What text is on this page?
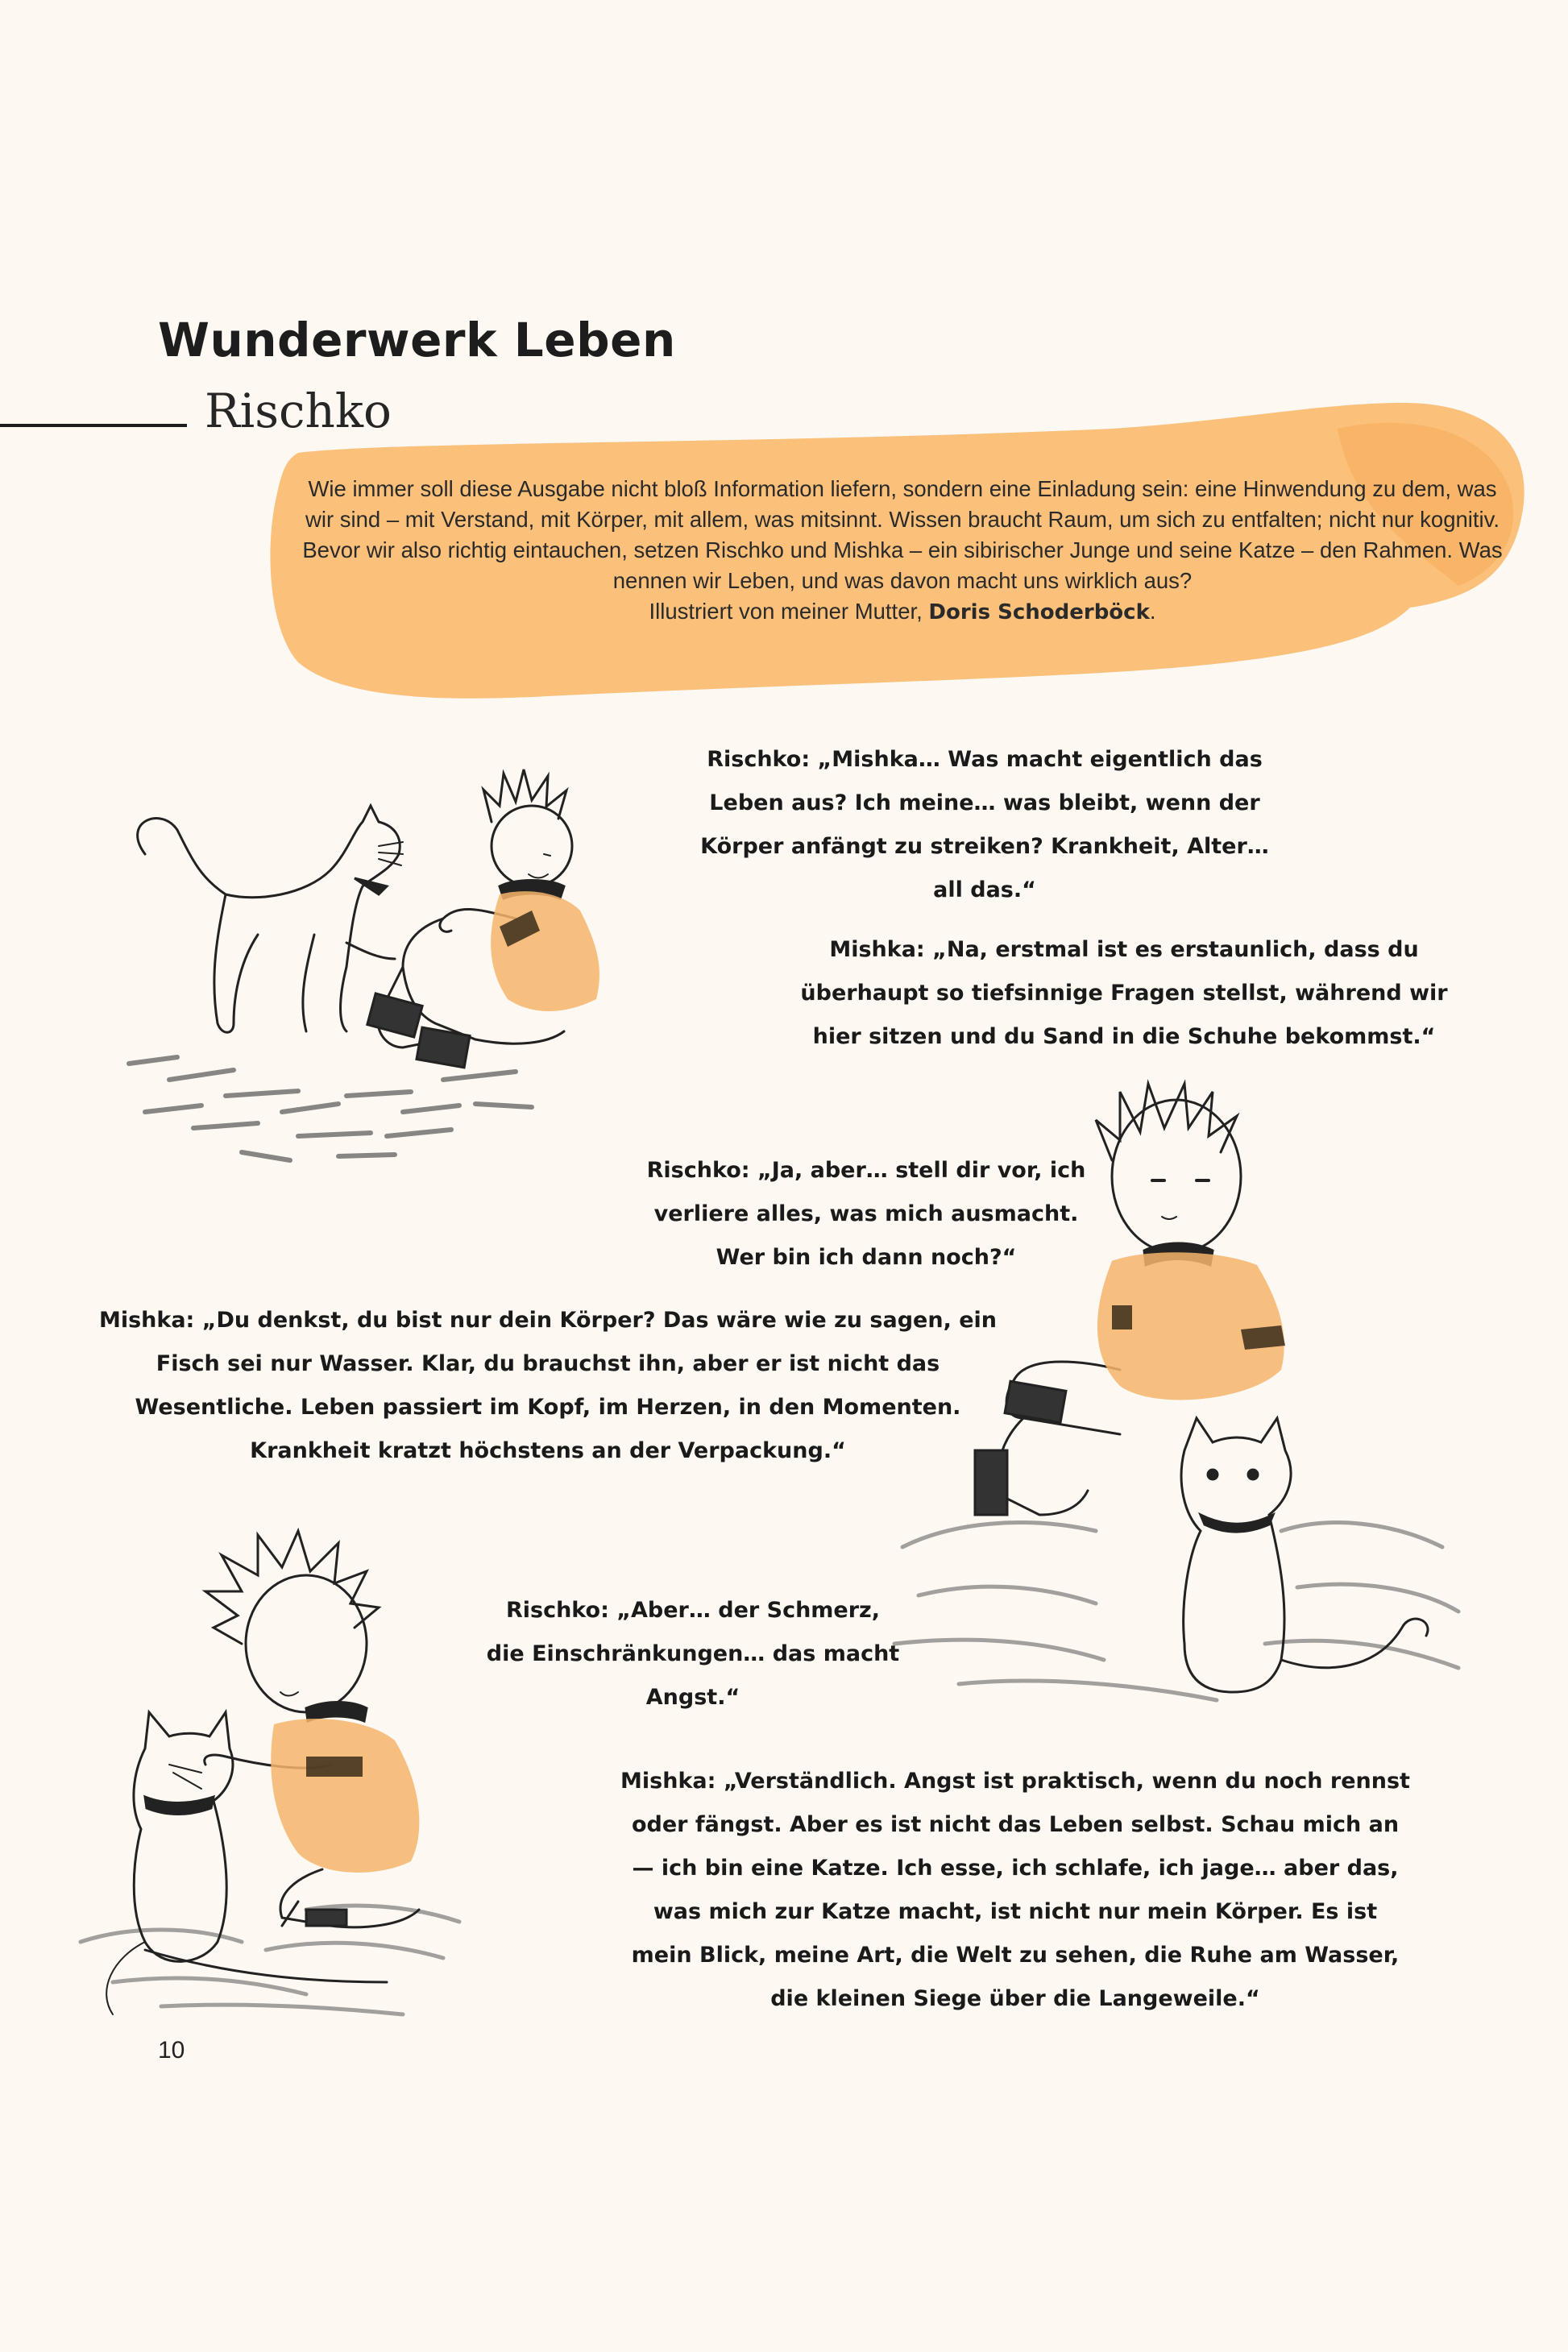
Wunderwerk Leben
Rischko

Wie immer soll diese Ausgabe nicht bloß Information liefern, sondern eine Einladung sein: eine Hinwendung zu dem, was wir sind – mit Verstand, mit Körper, mit allem, was mitsinnt. Wissen braucht Raum, um sich zu entfalten; nicht nur kognitiv.

Bevor wir also richtig eintauchen, setzen Rischko und Mishka – ein sibirischer Junge und seine Katze – den Rahmen. Was nennen wir Leben, und was davon macht uns wirklich aus?

Illustriert von meiner Mutter, Doris Schoderböck.

Rischko: „Mishka… Was macht eigentlich das Leben aus? Ich meine… was bleibt, wenn der Körper anfängt zu streiken? Krankheit, Alter… all das.“
Mishka: „Na, erstmal ist es erstaunlich, dass du überhaupt so tiefsinnige Fragen stellst, während wir hier sitzen und du Sand in die Schuhe bekommst.“
Rischko: „Ja, aber… stell dir vor, ich verliere alles, was mich ausmacht. Wer bin ich dann noch?“
Mishka: „Du denkst, du bist nur dein Körper? Das wäre wie zu sagen, ein Fisch sei nur Wasser. Klar, du brauchst ihn, aber er ist nicht das Wesentliche. Leben passiert im Kopf, im Herzen, in den Momenten. Krankheit kratzt höchstens an der Verpackung.“
Rischko: „Aber… der Schmerz, die Einschränkungen… das macht Angst.“
Mishka: „Verständlich. Angst ist praktisch, wenn du noch rennst oder fängst. Aber es ist nicht das Leben selbst. Schau mich an — ich bin eine Katze. Ich esse, ich schlafe, ich jage… aber das, was mich zur Katze macht, ist nicht nur mein Körper. Es ist mein Blick, meine Art, die Welt zu sehen, die Ruhe am Wasser, die kleinen Siege über die Langeweile.“
10
